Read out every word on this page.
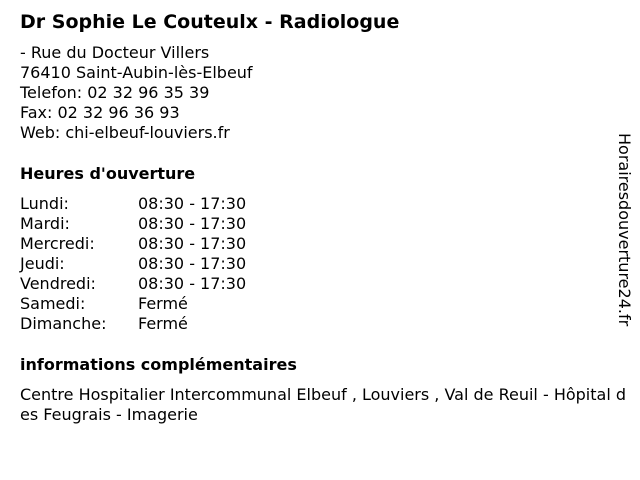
Dr Sophie Le Couteulx - Radiologue
- Rue du Docteur Villers
76410 Saint-Aubin-lès-Elbeuf
Telefon: 02 32 96 35 39
Fax: 02 32 96 36 93
Web: chi-elbeuf-louviers.fr
Heures d'ouverture
Lundi:	08:30 - 17:30
Mardi:	08:30 - 17:30
Mercredi:	08:30 - 17:30
Jeudi:	08:30 - 17:30
Vendredi:	08:30 - 17:30
Samedi:	Fermé
Dimanche:	Fermé
informations complémentaires
Centre Hospitalier Intercommunal Elbeuf , Louviers , Val de Reuil - Hôpital des Feugrais - Imagerie
Horairesdouverture24.fr
